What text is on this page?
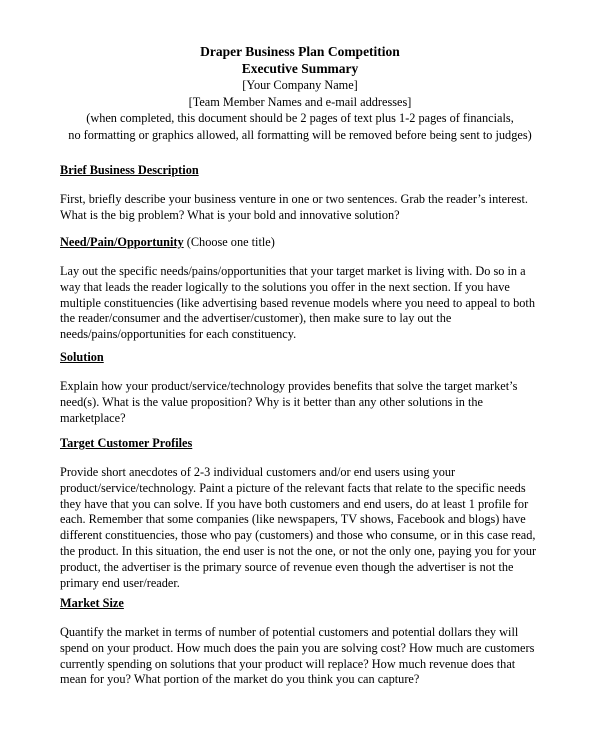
Draper Business Plan Competition
Executive Summary
[Your Company Name]
[Team Member Names and e-mail addresses]
(when completed, this document should be 2 pages of text plus 1-2 pages of financials,
no formatting or graphics allowed, all formatting will be removed before being sent to judges)
Brief Business Description
First, briefly describe your business venture in one or two sentences. Grab the reader’s interest.
What is the big problem? What is your bold and innovative solution?
Need/Pain/Opportunity (Choose one title)
Lay out the specific needs/pains/opportunities that your target market is living with. Do so in a
way that leads the reader logically to the solutions you offer in the next section. If you have
multiple constituencies (like advertising based revenue models where you need to appeal to both
the reader/consumer and the advertiser/customer), then make sure to lay out the
needs/pains/opportunities for each constituency.
Solution
Explain how your product/service/technology provides benefits that solve the target market’s
need(s). What is the value proposition? Why is it better than any other solutions in the
marketplace?
Target Customer Profiles
Provide short anecdotes of 2-3 individual customers and/or end users using your
product/service/technology. Paint a picture of the relevant facts that relate to the specific needs
they have that you can solve. If you have both customers and end users, do at least 1 profile for
each. Remember that some companies (like newspapers, TV shows, Facebook and blogs) have
different constituencies, those who pay (customers) and those who consume, or in this case read,
the product. In this situation, the end user is not the one, or not the only one, paying you for your
product, the advertiser is the primary source of revenue even though the advertiser is not the
primary end user/reader.
Market Size
Quantify the market in terms of number of potential customers and potential dollars they will
spend on your product. How much does the pain you are solving cost? How much are customers
currently spending on solutions that your product will replace? How much revenue does that
mean for you? What portion of the market do you think you can capture?
